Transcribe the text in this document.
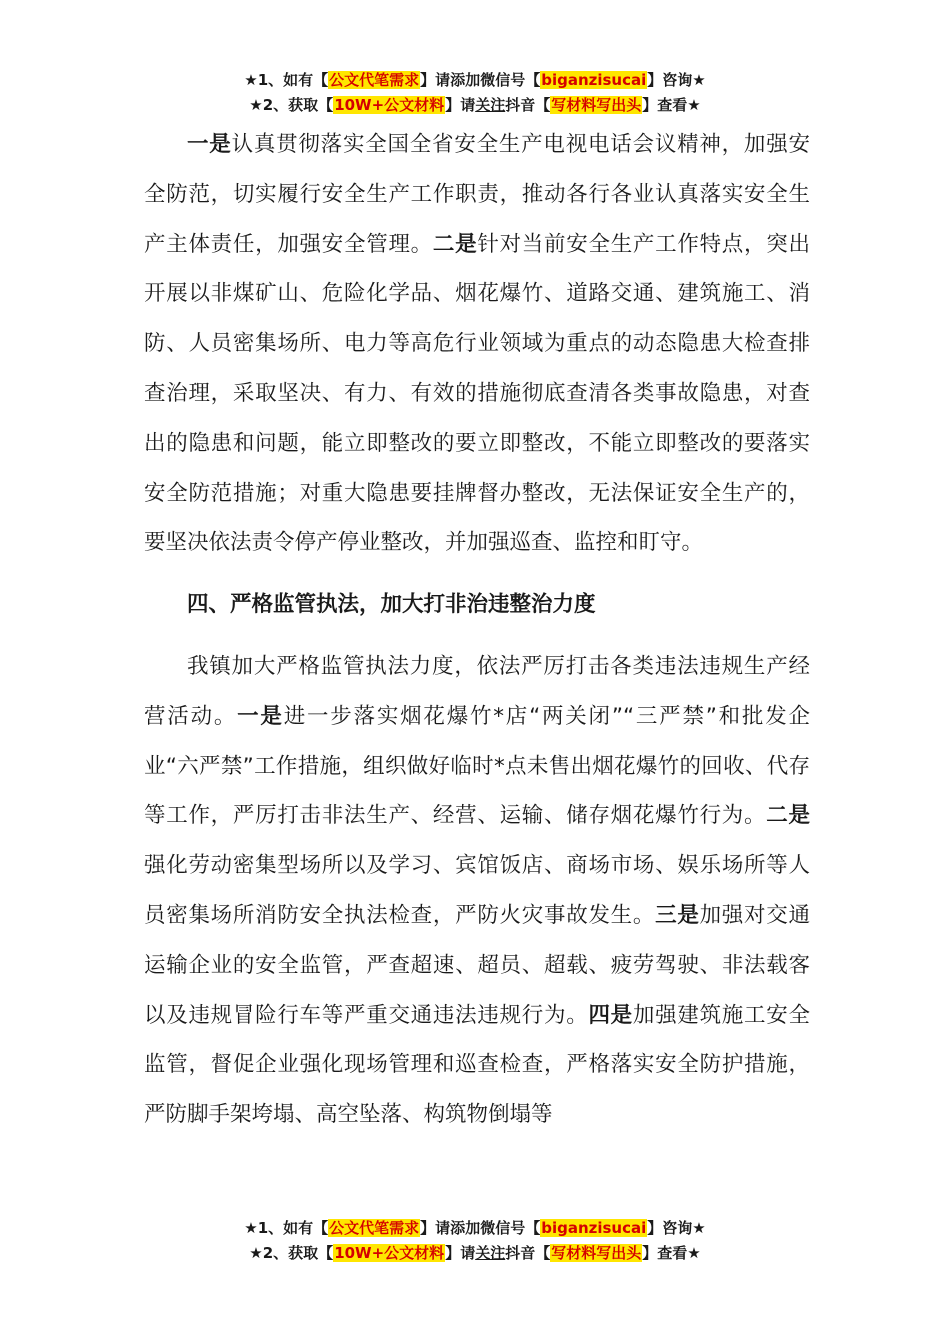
★1、如有【公文代笔需求】请添加微信号【biganzisucai】咨询★
★2、获取【10W+公文材料】请关注抖音【写材料写出头】查看★

一是认真贯彻落实全国全省安全生产电视电话会议精神，加强安全防范，切实履行安全生产工作职责，推动各行各业认真落实安全生产主体责任，加强安全管理。二是针对当前安全生产工作特点，突出开展以非煤矿山、危险化学品、烟花爆竹、道路交通、建筑施工、消防、人员密集场所、电力等高危行业领域为重点的动态隐患大检查排查治理，采取坚决、有力、有效的措施彻底查清各类事故隐患，对查出的隐患和问题，能立即整改的要立即整改，不能立即整改的要落实安全防范措施；对重大隐患要挂牌督办整改，无法保证安全生产的，要坚决依法责令停产停业整改，并加强巡查、监控和盯守。

四、严格监管执法，加大打非治违整治力度

我镇加大严格监管执法力度，依法严厉打击各类违法违规生产经营活动。一是进一步落实烟花爆竹*店“两关闭”“三严禁”和批发企业“六严禁”工作措施，组织做好临时*点未售出烟花爆竹的回收、代存等工作，严厉打击非法生产、经营、运输、储存烟花爆竹行为。二是强化劳动密集型场所以及学习、宾馆饭店、商场市场、娱乐场所等人员密集场所消防安全执法检查，严防火灾事故发生。三是加强对交通运输企业的安全监管，严查超速、超员、超载、疲劳驾驶、非法载客以及违规冒险行车等严重交通违法违规行为。四是加强建筑施工安全监管，督促企业强化现场管理和巡查检查，严格落实安全防护措施，严防脚手架垮塌、高空坠落、构筑物倒塌等

★1、如有【公文代笔需求】请添加微信号【biganzisucai】咨询★
★2、获取【10W+公文材料】请关注抖音【写材料写出头】查看★
